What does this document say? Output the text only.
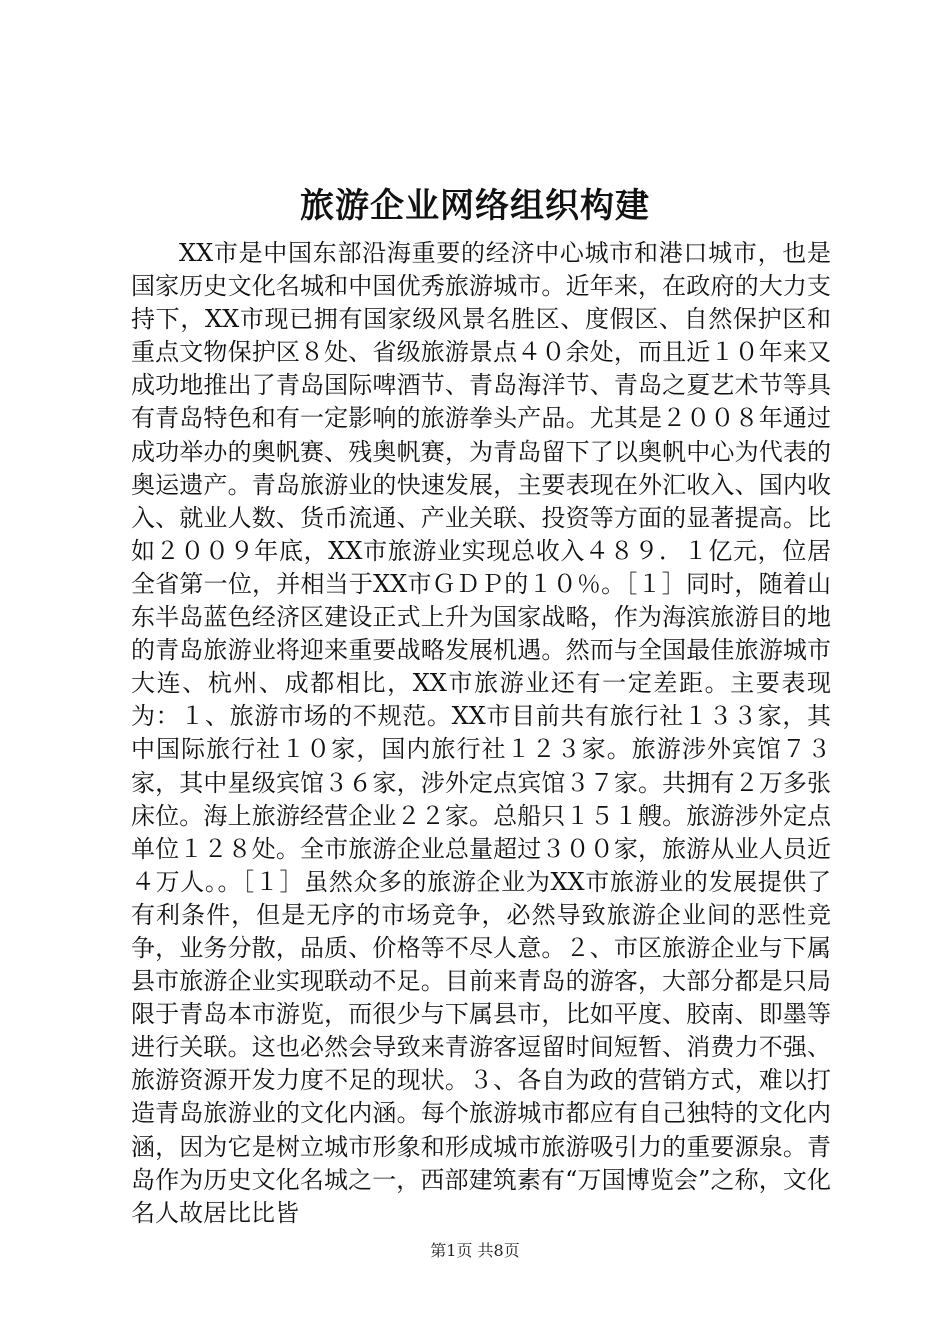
旅游企业网络组织构建

XX市是中国东部沿海重要的经济中心城市和港口城市，也是国家历史文化名城和中国优秀旅游城市。近年来，在政府的大力支持下，XX市现已拥有国家级风景名胜区、度假区、自然保护区和重点文物保护区８处、省级旅游景点４０余处，而且近１０年来又成功地推出了青岛国际啤酒节、青岛海洋节、青岛之夏艺术节等具有青岛特色和有一定影响的旅游拳头产品。尤其是２００８年通过成功举办的奥帆赛、残奥帆赛，为青岛留下了以奥帆中心为代表的奥运遗产。青岛旅游业的快速发展，主要表现在外汇收入、国内收入、就业人数、货币流通、产业关联、投资等方面的显著提高。比如２００９年底，XX市旅游业实现总收入４８９．１亿元，位居全省第一位，并相当于XX市ＧＤＰ的１０％。［１］同时，随着山东半岛蓝色经济区建设正式上升为国家战略，作为海滨旅游目的地的青岛旅游业将迎来重要战略发展机遇。然而与全国最佳旅游城市大连、杭州、成都相比，XX市旅游业还有一定差距。主要表现为：１、旅游市场的不规范。XX市目前共有旅行社１３３家，其中国际旅行社１０家，国内旅行社１２３家。旅游涉外宾馆７３家，其中星级宾馆３６家，涉外定点宾馆３７家。共拥有２万多张床位。海上旅游经营企业２２家。总船只１５１艘。旅游涉外定点单位１２８处。全市旅游企业总量超过３００家，旅游从业人员近４万人。。［１］虽然众多的旅游企业为XX市旅游业的发展提供了有利条件，但是无序的市场竞争，必然导致旅游企业间的恶性竞争，业务分散，品质、价格等不尽人意。２、市区旅游企业与下属县市旅游企业实现联动不足。目前来青岛的游客，大部分都是只局限于青岛本市游览，而很少与下属县市，比如平度、胶南、即墨等进行关联。这也必然会导致来青游客逗留时间短暂、消费力不强、旅游资源开发力度不足的现状。３、各自为政的营销方式，难以打造青岛旅游业的文化内涵。每个旅游城市都应有自己独特的文化内涵，因为它是树立城市形象和形成城市旅游吸引力的重要源泉。青岛作为历史文化名城之一，西部建筑素有“万国博览会”之称，文化名人故居比比皆

第1页 共8页
